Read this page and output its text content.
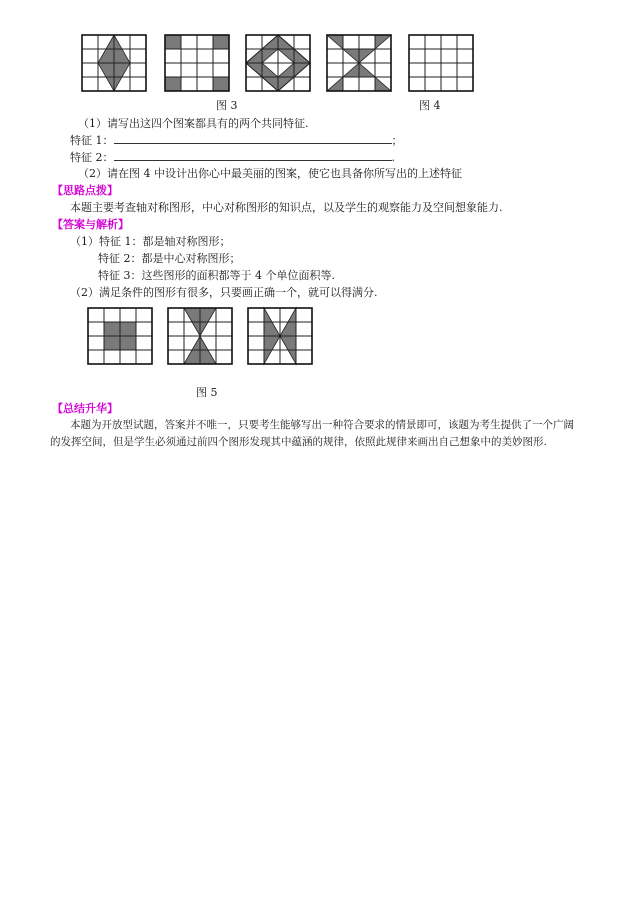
图 3	图 4
（1）请写出这四个图案都具有的两个共同特征.
特征 1：	；
特征 2：	.
（2）请在图 4 中设计出你心中最美丽的图案，使它也具备你所写出的上述特征
【思路点拨】
本题主要考查轴对称图形，中心对称图形的知识点，以及学生的观察能力及空间想象能力.
【答案与解析】
（1）特征 1：都是轴对称图形；
特征 2：都是中心对称图形；
特征 3：这些图形的面积都等于 4 个单位面积等.
（2）满足条件的图形有很多，只要画正确一个，就可以得满分.
图 5
【总结升华】
本题为开放型试题，答案并不唯一，只要考生能够写出一种符合要求的情景即可，该题为考生提供了一个广阔
的发挥空间，但是学生必须通过前四个图形发现其中蕴涵的规律，依照此规律来画出自己想象中的美妙图形.
